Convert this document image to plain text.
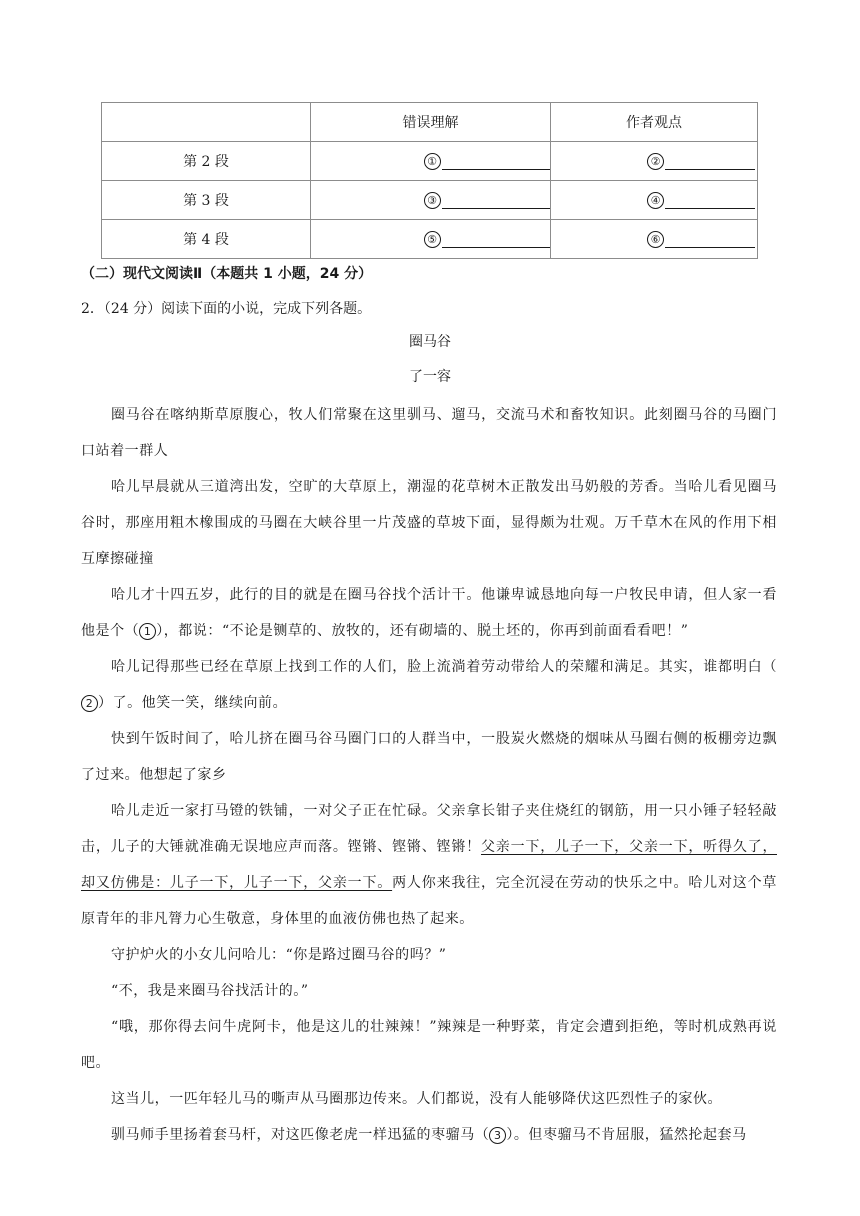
	错误理解	作者观点
第 2 段	①	②

第 3 段	③	④

第 4 段	⑤	⑥
（二）现代文阅读Ⅱ（本题共 1 小题，24 分）
2．（24 分）阅读下面的小说，完成下列各题。
圈马谷
了一容

圈马谷在喀纳斯草原腹心，牧人们常聚在这里驯马、遛马，交流马术和畜牧知识。此刻圈马谷的马圈门口站着一群人

哈儿早晨就从三道湾出发，空旷的大草原上，潮湿的花草树木正散发出马奶般的芳香。当哈儿看见圈马谷时，那座用粗木橡围成的马圈在大峡谷里一片茂盛的草坡下面，显得颇为壮观。万千草木在风的作用下相互摩擦碰撞

哈儿才十四五岁，此行的目的就是在圈马谷找个活计干。他谦卑诚恳地向每一户牧民申请，但人家一看他是个（ 1 ），都说：“不论是铡草的、放牧的，还有砌墙的、脱土坯的，你再到前面看看吧！”

哈儿记得那些已经在草原上找到工作的人们，脸上流淌着劳动带给人的荣耀和满足。其实，谁都明白（2 ）了。他笑一笑，继续向前。

快到午饭时间了，哈儿挤在圈马谷马圈门口的人群当中，一股炭火燃烧的烟味从马圈右侧的板棚旁边飘了过来。他想起了家乡

哈儿走近一家打马镫的铁铺，一对父子正在忙碌。父亲拿长钳子夹住烧红的钢筋，用一只小锤子轻轻敲击，儿子的大锤就准确无误地应声而落。铿锵、铿锵、铿锵！父亲一下，儿子一下，父亲一下，听得久了，却又仿佛是：儿子一下，儿子一下，父亲一下。两人你来我往，完全沉浸在劳动的快乐之中。哈儿对这个草原青年的非凡膂力心生敬意，身体里的血液仿佛也热了起来。

守护炉火的小女儿问哈儿：“你是路过圈马谷的吗？”

“不，我是来圈马谷找活计的。”

“哦，那你得去问牛虎阿卡，他是这儿的壮辣辣！”辣辣是一种野菜，肯定会遭到拒绝，等时机成熟再说吧。

这当儿，一匹年轻儿马的嘶声从马圈那边传来。人们都说，没有人能够降伏这匹烈性子的家伙。

驯马师手里扬着套马杆，对这匹像老虎一样迅猛的枣骝马（ 3 ）。但枣骝马不肯屈服，猛然抡起套马
